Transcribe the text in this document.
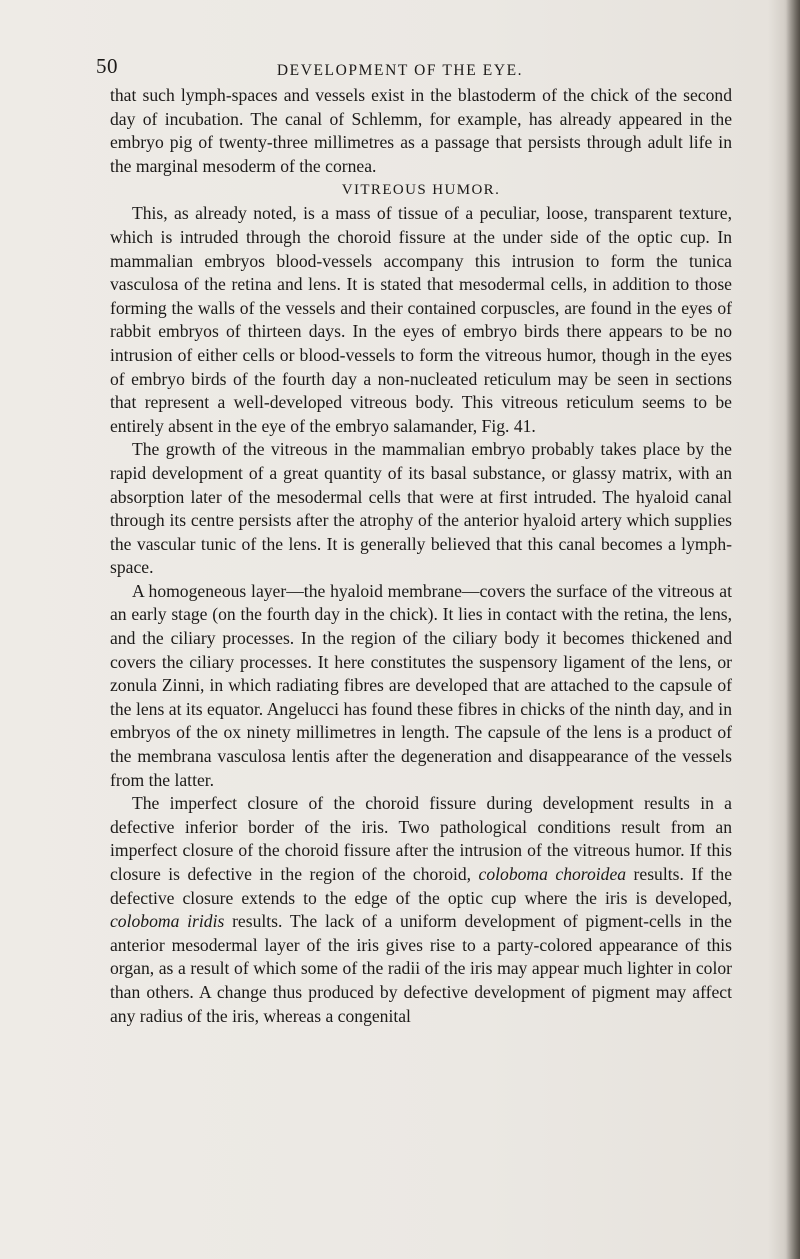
50	DEVELOPMENT OF THE EYE.

that such lymph-spaces and vessels exist in the blastoderm of the chick of the second day of incubation. The canal of Schlemm, for example, has already appeared in the embryo pig of twenty-three millimetres as a passage that persists through adult life in the marginal mesoderm of the cornea.

VITREOUS HUMOR.

This, as already noted, is a mass of tissue of a peculiar, loose, transparent texture, which is intruded through the choroid fissure at the under side of the optic cup. In mammalian embryos blood-vessels accompany this intrusion to form the tunica vasculosa of the retina and lens. It is stated that mesodermal cells, in addition to those forming the walls of the vessels and their contained corpuscles, are found in the eyes of rabbit embryos of thirteen days. In the eyes of embryo birds there appears to be no intrusion of either cells or blood-vessels to form the vitreous humor, though in the eyes of embryo birds of the fourth day a non-nucleated reticulum may be seen in sections that represent a well-developed vitreous body. This vitreous reticulum seems to be entirely absent in the eye of the embryo salamander, Fig. 41.

The growth of the vitreous in the mammalian embryo probably takes place by the rapid development of a great quantity of its basal substance, or glassy matrix, with an absorption later of the mesodermal cells that were at first intruded. The hyaloid canal through its centre persists after the atrophy of the anterior hyaloid artery which supplies the vascular tunic of the lens. It is generally believed that this canal becomes a lymph-space.

A homogeneous layer—the hyaloid membrane—covers the surface of the vitreous at an early stage (on the fourth day in the chick). It lies in contact with the retina, the lens, and the ciliary processes. In the region of the ciliary body it becomes thickened and covers the ciliary processes. It here constitutes the suspensory ligament of the lens, or zonula Zinni, in which radiating fibres are developed that are attached to the capsule of the lens at its equator. Angelucci has found these fibres in chicks of the ninth day, and in embryos of the ox ninety millimetres in length. The capsule of the lens is a product of the membrana vasculosa lentis after the degeneration and disappearance of the vessels from the latter.

The imperfect closure of the choroid fissure during development results in a defective inferior border of the iris. Two pathological conditions result from an imperfect closure of the choroid fissure after the intrusion of the vitreous humor. If this closure is defective in the region of the choroid, coloboma choroidea results. If the defective closure extends to the edge of the optic cup where the iris is developed, coloboma iridis results. The lack of a uniform development of pigment-cells in the anterior mesodermal layer of the iris gives rise to a party-colored appearance of this organ, as a result of which some of the radii of the iris may appear much lighter in color than others. A change thus produced by defective development of pigment may affect any radius of the iris, whereas a congenital
